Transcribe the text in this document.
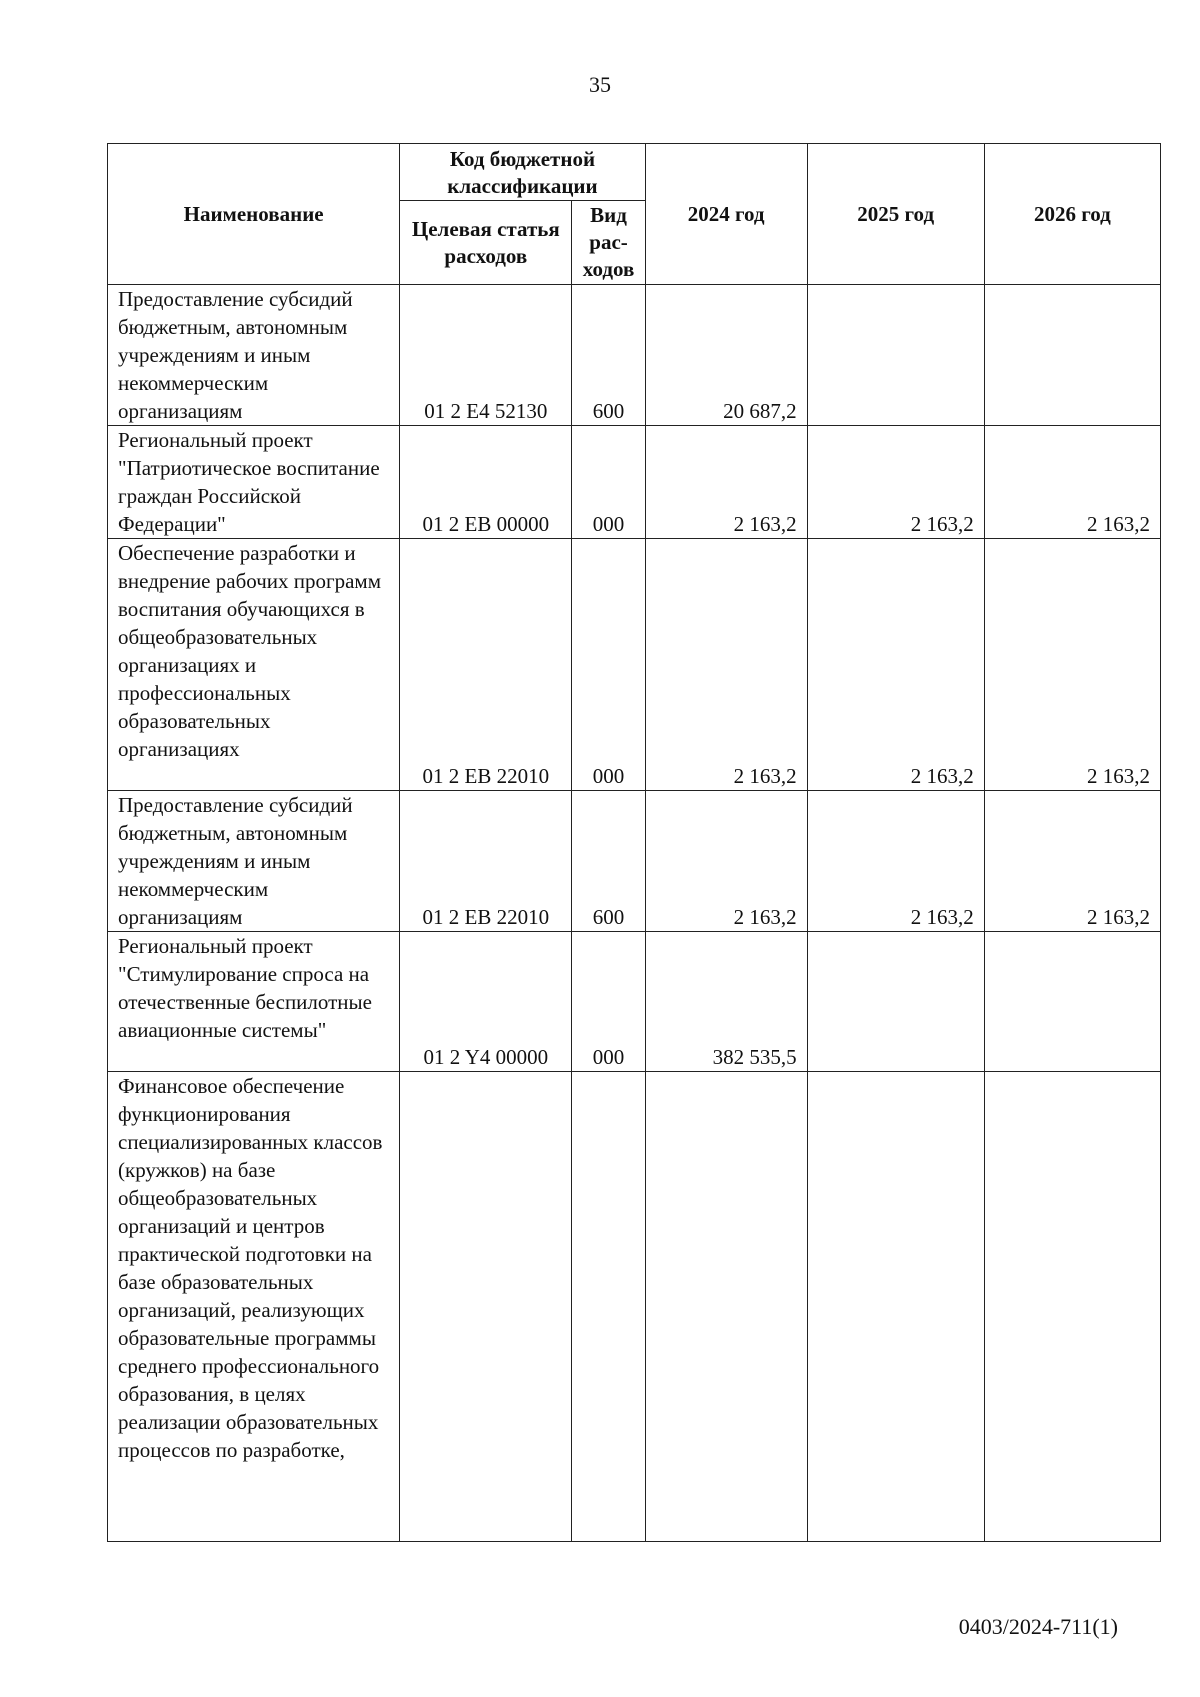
35
Наименование	Код бюджетной классификации		2024 год	2025 год	2026 год
	Целевая статья расходов	Вид рас-ходов			
Предоставление субсидий бюджетным, автономным учреждениям и иным некоммерческим организациям	01 2 Е4 52130	600	20 687,2		
Региональный проект "Патриотическое воспитание граждан Российской Федерации"	01 2 ЕВ 00000	000	2 163,2	2 163,2	2 163,2
Обеспечение разработки и внедрение рабочих программ воспитания обучающихся в общеобразовательных организациях и профессиональных образовательных организациях	01 2 ЕВ 22010	000	2 163,2	2 163,2	2 163,2
Предоставление субсидий бюджетным, автономным учреждениям и иным некоммерческим организациям	01 2 ЕВ 22010	600	2 163,2	2 163,2	2 163,2
Региональный проект "Стимулирование спроса на отечественные беспилотные авиационные системы"	01 2 Y4 00000	000	382 535,5		
Финансовое обеспечение функционирования специализированных классов (кружков) на базе общеобразовательных организаций и центров практической подготовки на базе образовательных организаций, реализующих образовательные программы среднего профессионального образования, в целях реализации образовательных процессов по разработке,					
0403/2024-711(1)
